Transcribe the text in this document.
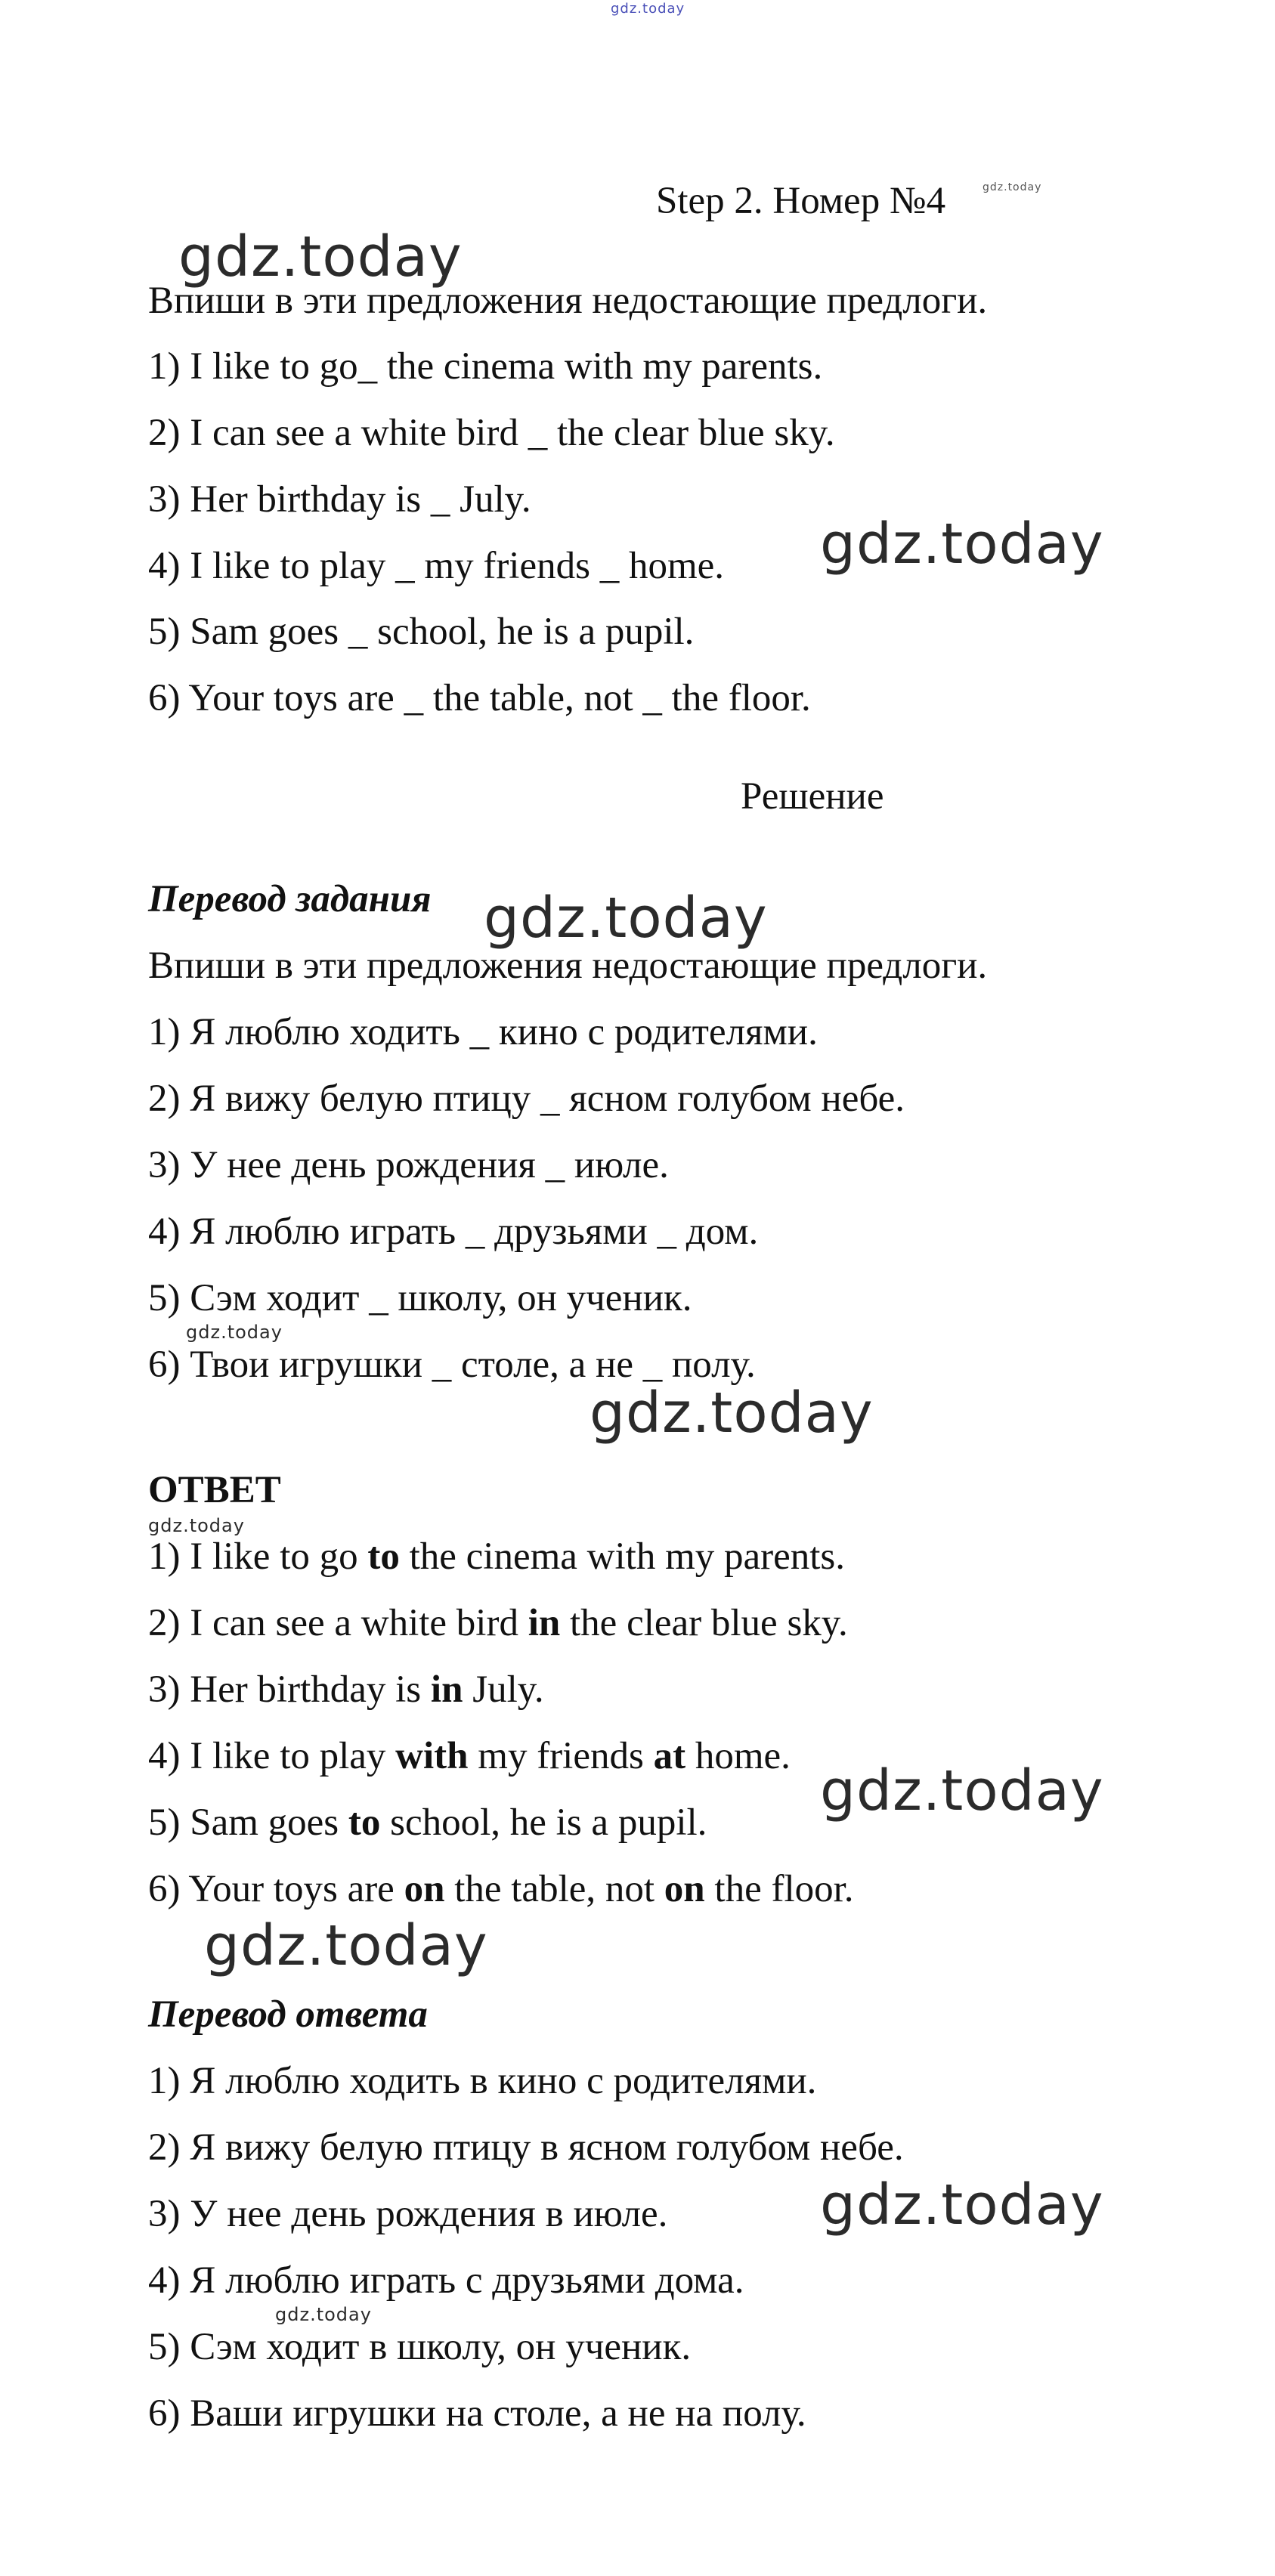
gdz.today
Step 2. Номер №4	gdz.today
gdz.today
Впиши в эти предложения недостающие предлоги.
1) I like to go_ the cinema with my parents.
2) I can see a white bird _ the clear blue sky.
3) Her birthday is _ July.
4) I like to play _ my friends _ home. gdz.today
5) Sam goes _ school, he is a pupil.
6) Your toys are _ the table, not _ the floor.
Решение
Перевод задания gdz.today
Впиши в эти предложения недостающие предлоги.
1) Я люблю ходить _ кино с родителями.
2) Я вижу белую птицу _ ясном голубом небе.
3) У нее день рождения _ июле.
4) Я люблю играть _ друзьями _ дом.
5) Сэм ходит _ школу, он ученик.
gdz.today
6) Твои игрушки _ столе, а не _ полу.
gdz.today
ОТВЕТ
gdz.today
1) I like to go to the cinema with my parents.
2) I can see a white bird in the clear blue sky.
3) Her birthday is in July.
4) I like to play with my friends at home.
gdz.today
5) Sam goes to school, he is a pupil.
6) Your toys are on the table, not on the floor.
gdz.today
Перевод ответа
1) Я люблю ходить в кино с родителями.
2) Я вижу белую птицу в ясном голубом небе.
3) У нее день рождения в июле.	gdz.today
4) Я люблю играть с друзьями дома.
gdz.today
5) Сэм ходит в школу, он ученик.
6) Ваши игрушки на столе, а не на полу.
